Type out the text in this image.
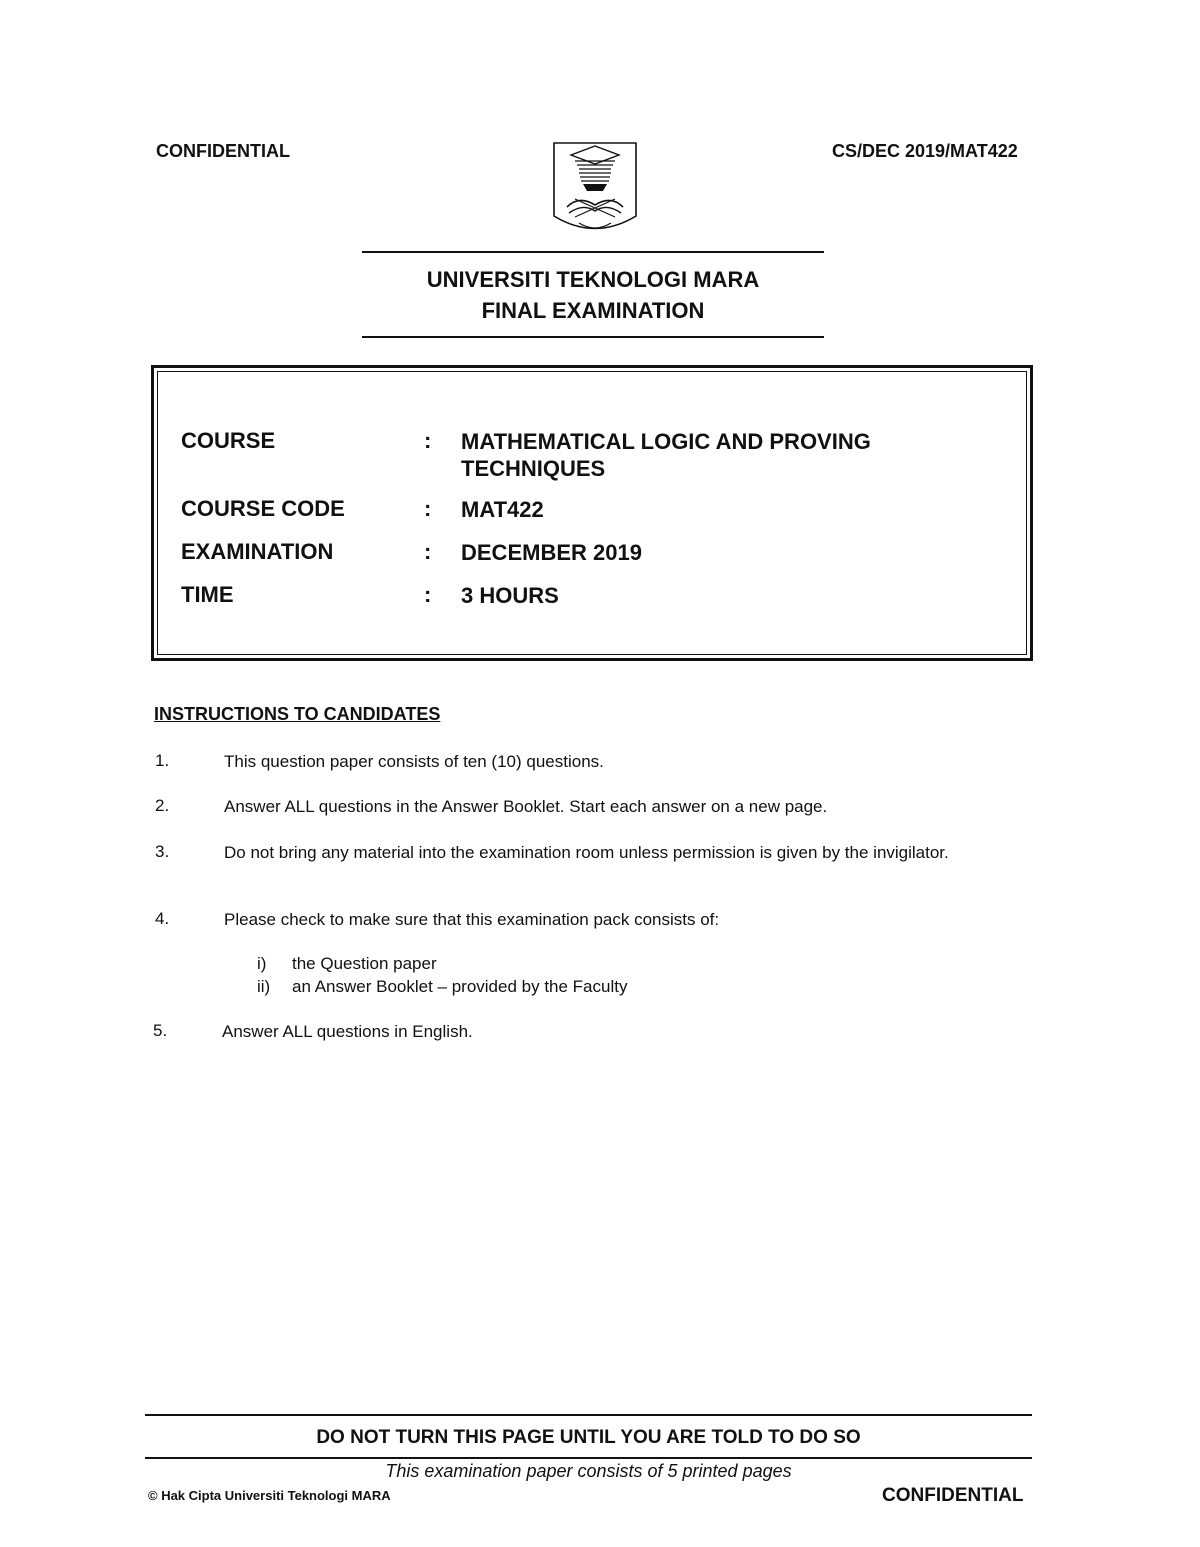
CONFIDENTIAL	CS/DEC 2019/MAT422
UNIVERSITI TEKNOLOGI MARA
FINAL EXAMINATION
COURSE	: MATHEMATICAL LOGIC AND PROVING TECHNIQUES
COURSE CODE	: MAT422
EXAMINATION	: DECEMBER 2019
TIME	: 3 HOURS
INSTRUCTIONS TO CANDIDATES
1.	This question paper consists of ten (10) questions.
2.	Answer ALL questions in the Answer Booklet. Start each answer on a new page.
3.	Do not bring any material into the examination room unless permission is given by the invigilator.
4.	Please check to make sure that this examination pack consists of:
i) the Question paper
ii) an Answer Booklet – provided by the Faculty
5.	Answer ALL questions in English.
DO NOT TURN THIS PAGE UNTIL YOU ARE TOLD TO DO SO
This examination paper consists of 5 printed pages
© Hak Cipta Universiti Teknologi MARA	CONFIDENTIAL
